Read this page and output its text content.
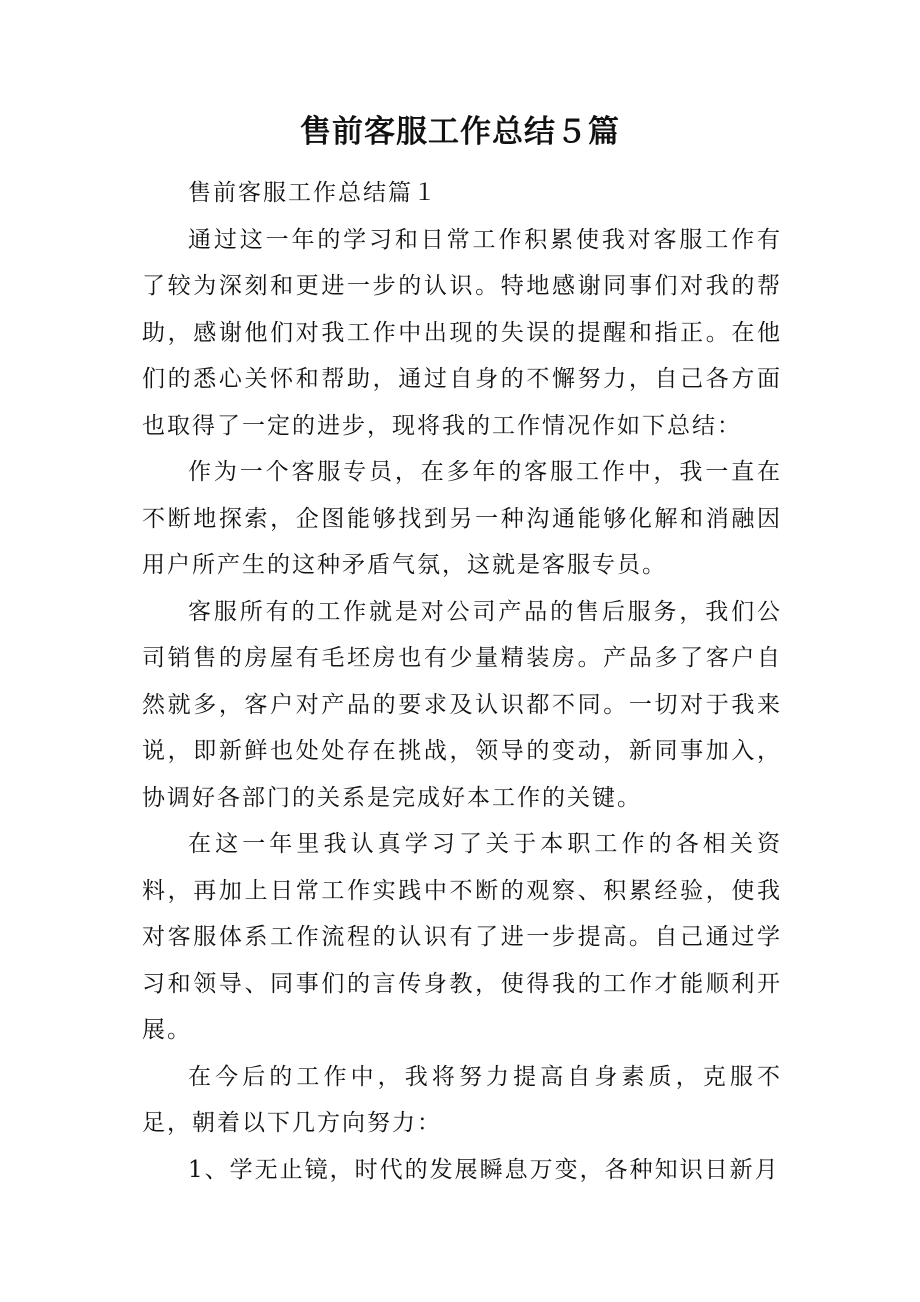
售前客服工作总结５篇

售前客服工作总结篇１

通过这一年的学习和日常工作积累使我对客服工作有了较为深刻和更进一步的认识。特地感谢同事们对我的帮助，感谢他们对我工作中出现的失误的提醒和指正。在他们的悉心关怀和帮助，通过自身的不懈努力，自己各方面也取得了一定的进步，现将我的工作情况作如下总结：

作为一个客服专员，在多年的客服工作中，我一直在不断地探索，企图能够找到另一种沟通能够化解和消融因用户所产生的这种矛盾气氛，这就是客服专员。

客服所有的工作就是对公司产品的售后服务，我们公司销售的房屋有毛坯房也有少量精装房。产品多了客户自然就多，客户对产品的要求及认识都不同。一切对于我来说，即新鲜也处处存在挑战，领导的变动，新同事加入，协调好各部门的关系是完成好本工作的关键。

在这一年里我认真学习了关于本职工作的各相关资料，再加上日常工作实践中不断的观察、积累经验，使我对客服体系工作流程的认识有了进一步提高。自己通过学习和领导、同事们的言传身教，使得我的工作才能顺利开展。

在今后的工作中，我将努力提高自身素质，克服不足，朝着以下几方向努力：

1、学无止镜，时代的发展瞬息万变，各种知识日新月
